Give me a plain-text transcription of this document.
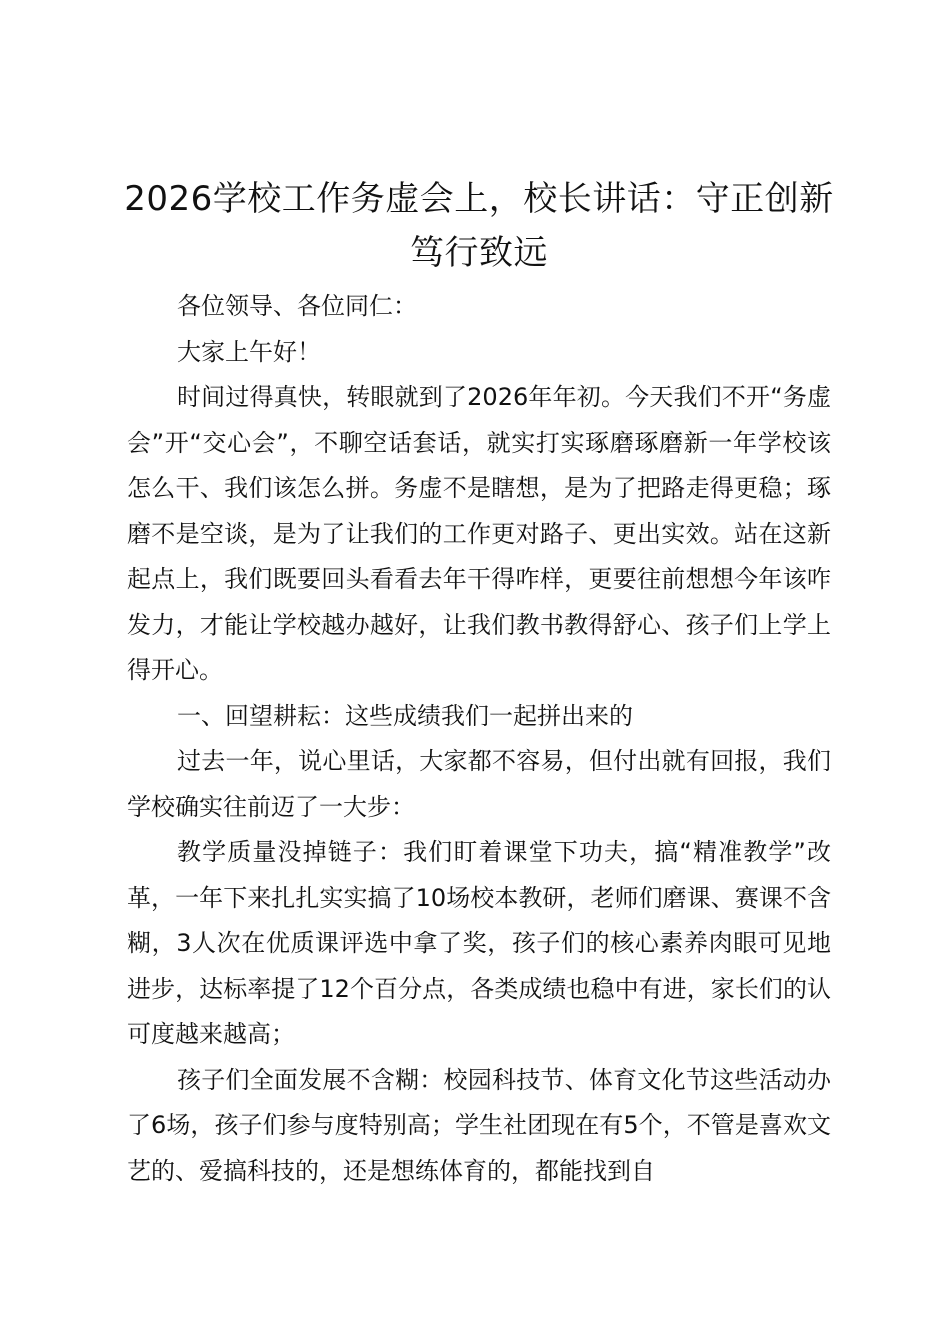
2026学校工作务虚会上，校长讲话：守正创新 笃行致远

各位领导、各位同仁：

大家上午好！

时间过得真快，转眼就到了2026年年初。今天我们不开“务虚会”开“交心会”，不聊空话套话，就实打实琢磨琢磨新一年学校该怎么干、我们该怎么拼。务虚不是瞎想，是为了把路走得更稳；琢磨不是空谈，是为了让我们的工作更对路子、更出实效。站在这新起点上，我们既要回头看看去年干得咋样，更要往前想想今年该咋发力，才能让学校越办越好，让我们教书教得舒心、孩子们上学上得开心。

一、回望耕耘：这些成绩我们一起拼出来的

过去一年，说心里话，大家都不容易，但付出就有回报，我们学校确实往前迈了一大步：

教学质量没掉链子：我们盯着课堂下功夫，搞“精准教学”改革，一年下来扎扎实实搞了10场校本教研，老师们磨课、赛课不含糊，3人次在优质课评选中拿了奖，孩子们的核心素养肉眼可见地进步，达标率提了12个百分点，各类成绩也稳中有进，家长们的认可度越来越高；

孩子们全面发展不含糊：校园科技节、体育文化节这些活动办了6场，孩子们参与度特别高；学生社团现在有5个，不管是喜欢文艺的、爱搞科技的，还是想练体育的，都能找到自
